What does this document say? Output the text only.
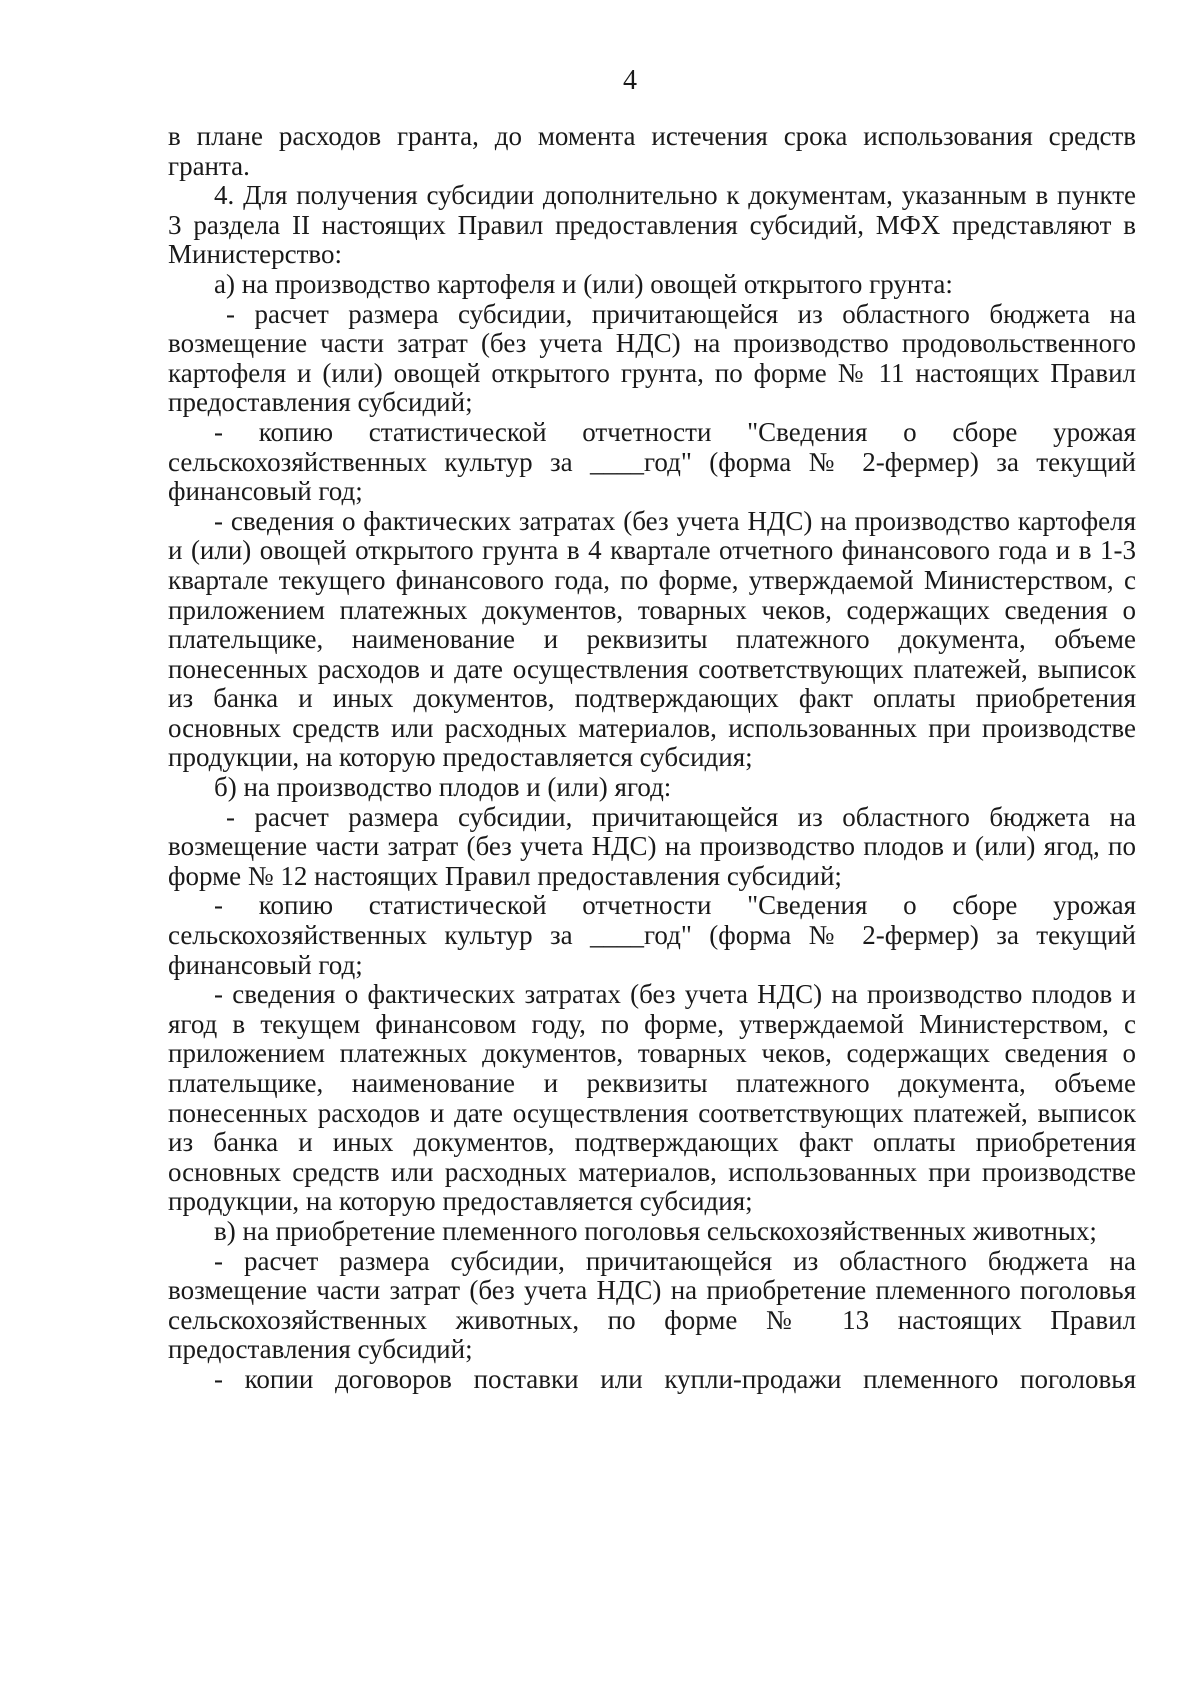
4

в плане расходов гранта, до момента истечения срока использования средств гранта.

4. Для получения субсидии дополнительно к документам, указанным в пункте 3 раздела II настоящих Правил предоставления субсидий, МФХ представляют в Министерство:

а) на производство картофеля и (или) овощей открытого грунта:

- расчет размера субсидии, причитающейся из областного бюджета на возмещение части затрат (без учета НДС) на производство продовольственного картофеля и (или) овощей открытого грунта, по форме № 11 настоящих Правил предоставления субсидий;

- копию статистической отчетности "Сведения о сборе урожая сельскохозяйственных культур за ____год" (форма № 2-фермер) за текущий финансовый год;

- сведения о фактических затратах (без учета НДС) на производство картофеля и (или) овощей открытого грунта в 4 квартале отчетного финансового года и в 1-3 квартале текущего финансового года, по форме, утверждаемой Министерством, с приложением платежных документов, товарных чеков, содержащих сведения о плательщике, наименование и реквизиты платежного документа, объеме понесенных расходов и дате осуществления соответствующих платежей, выписок из банка и иных документов, подтверждающих факт оплаты приобретения основных средств или расходных материалов, использованных при производстве продукции, на которую предоставляется субсидия;

б) на производство плодов и (или) ягод:

- расчет размера субсидии, причитающейся из областного бюджета на возмещение части затрат (без учета НДС) на производство плодов и (или) ягод, по форме № 12 настоящих Правил предоставления субсидий;

- копию статистической отчетности "Сведения о сборе урожая сельскохозяйственных культур за ____год" (форма № 2-фермер) за текущий финансовый год;

- сведения о фактических затратах (без учета НДС) на производство плодов и ягод в текущем финансовом году, по форме, утверждаемой Министерством, с приложением платежных документов, товарных чеков, содержащих сведения о плательщике, наименование и реквизиты платежного документа, объеме понесенных расходов и дате осуществления соответствующих платежей, выписок из банка и иных документов, подтверждающих факт оплаты приобретения основных средств или расходных материалов, использованных при производстве продукции, на которую предоставляется субсидия;

в) на приобретение племенного поголовья сельскохозяйственных животных;

- расчет размера субсидии, причитающейся из областного бюджета на возмещение части затрат (без учета НДС) на приобретение племенного поголовья сельскохозяйственных животных, по форме № 13 настоящих Правил предоставления субсидий;

- копии договоров поставки или купли-продажи племенного поголовья
